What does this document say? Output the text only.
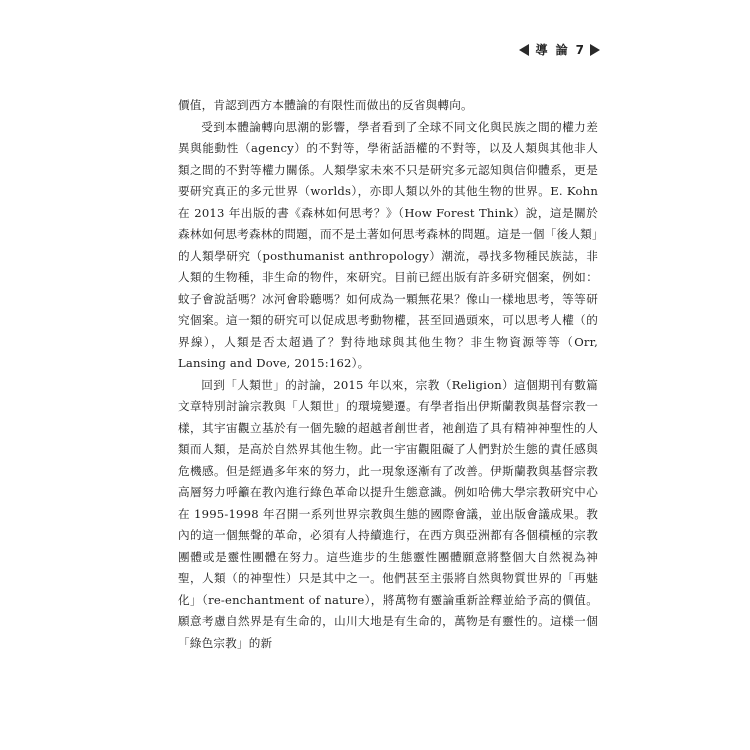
導 論 7

價值，肯認到西方本體論的有限性而做出的反省與轉向。

受到本體論轉向思潮的影響，學者看到了全球不同文化與民族之間的權力差異與能動性（agency）的不對等，學術話語權的不對等，以及人類與其他非人類之間的不對等權力關係。人類學家未來不只是研究多元認知與信仰體系，更是要研究真正的多元世界（worlds），亦即人類以外的其他生物的世界。E. Kohn 在 2013 年出版的書《森林如何思考？》（How Forest Think）說，這是關於森林如何思考森林的問題，而不是土著如何思考森林的問題。這是一個「後人類」的人類學研究（posthumanist anthropology）潮流，尋找多物種民族誌，非人類的生物種，非生命的物件，來研究。目前已經出版有許多研究個案，例如：蚊子會說話嗎？冰河會聆聽嗎？如何成為一顆無花果？像山一樣地思考，等等研究個案。這一類的研究可以促成思考動物權，甚至回過頭來，可以思考人權（的界線），人類是否太超過了？對待地球與其他生物？非生物資源等等（Orr, Lansing and Dove, 2015:162）。

回到「人類世」的討論，2015 年以來，宗教（Religion）這個期刊有數篇文章特別討論宗教與「人類世」的環境變遷。有學者指出伊斯蘭教與基督宗教一樣，其宇宙觀立基於有一個先驗的超越者創世者，祂創造了具有精神神聖性的人類而人類，是高於自然界其他生物。此一宇宙觀阻礙了人們對於生態的責任感與危機感。但是經過多年來的努力，此一現象逐漸有了改善。伊斯蘭教與基督宗教高層努力呼籲在教內進行綠色革命以提升生態意識。例如哈佛大學宗教研究中心在 1995-1998 年召開一系列世界宗教與生態的國際會議，並出版會議成果。教內的這一個無聲的革命，必須有人持續進行，在西方與亞洲都有各個積極的宗教團體或是靈性團體在努力。這些進步的生態靈性團體願意將整個大自然視為神聖，人類（的神聖性）只是其中之一。他們甚至主張將自然與物質世界的「再魅化」（re-enchantment of nature），將萬物有靈論重新詮釋並給予高的價值。願意考慮自然界是有生命的，山川大地是有生命的，萬物是有靈性的。這樣一個「綠色宗教」的新
